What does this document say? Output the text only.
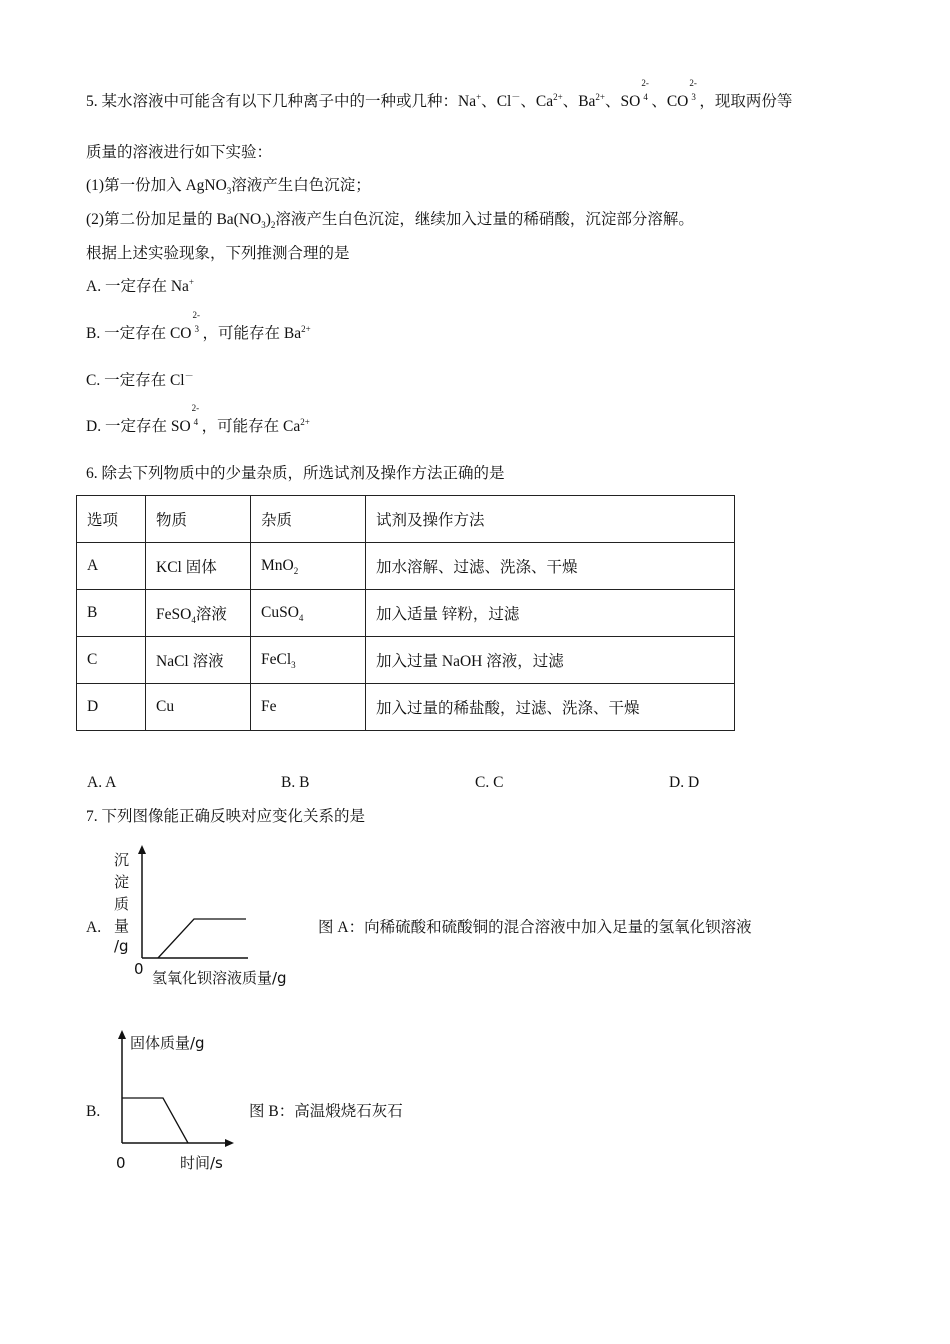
5. 某水溶液中可能含有以下几种离子中的一种或几种：Na+、Cl－、$Ca^{2+}$、$Ba^{2+}$、SO
2-
4 、CO
2-
3 ，现取两份等
质量的溶液进行如下实验：
(1)第一份加入 AgNO$_3$溶液产生白色沉淀；
(2)第二份加足量的 $Ba(NO_3)_2$溶液产生白色沉淀，继续加入过量的稀硝酸，沉淀部分溶解。
根据上述实验现象，下列推测合理的是
A. 一定存在 Na+
B. 一定存在 CO
2-
3 ，可能存在 $Ba^{2+}$
C. 一定存在 Cl－
D. 一定存在 SO
2-
4 ，可能存在 $Ca^{2+}$
6. 除去下列物质中的少量杂质，所选试剂及操作方法正确的是
选项	物质	杂质	试剂及操作方法
A	KCl 固体	MnO$_2$	加水溶解、过滤、洗涤、干燥
B	FeSO$_4$溶液	CuSO$_4$	加入适量 锌粉，过滤
C	NaCl 溶液	FeCl$_3$	加入过量 NaOH 溶液，过滤
D	Cu	Fe	加入过量的稀盐酸，过滤、洗涤、干燥
A. A	B. B	C. C	D. D
7. 下列图像能正确反映对应变化关系的是
A.
沉
淀
质
量
/g
0 氢氧化钡溶液质量/g
图 A：向稀硫酸和硫酸铜的混合溶液中加入足量的氢氧化钡溶液
B.
固体质量/g
0	时间/s
图 B：高温煅烧石灰石
